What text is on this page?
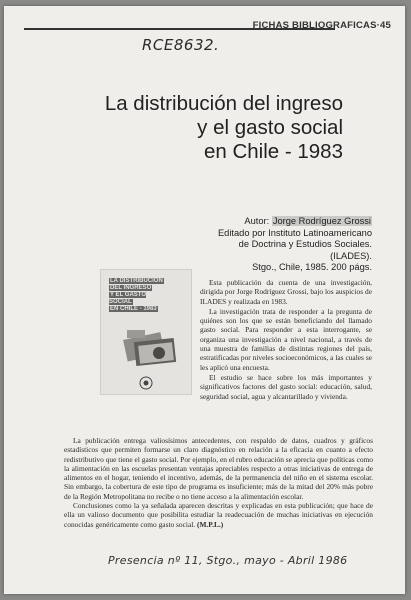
FICHAS BIBLIOGRAFICAS·45
RCE8632.
La distribución del ingreso
y el gasto social
en Chile - 1983
Autor: Jorge Rodríguez Grossi
Editado por Instituto Latinoamericano
de Doctrina y Estudios Sociales.
(ILADES).
Stgo., Chile, 1985. 200 págs.
LA DISTRIBUCION
DEL INGRESO
Y EL GASTO SOCIAL
EN CHILE - 1983

Esta publicación da cuenta de una investigación, dirigida por Jorge Rodríguez Grossi, bajo los auspicios de ILADES y realizada en 1983.

La investigación trata de responder a la pregunta de quiénes son los que se están beneficiando del llamado gasto social. Para responder a esta interrogante, se organiza una investigación a nivel nacional, a través de una muestra de familias de distintas regiones del país, estratificadas por niveles socioeconómicos, a las cuales se les aplicó una encuesta.

El estudio se hace sobre los más importantes y significativos factores del gasto social: educación, salud, seguridad social, agua y alcantarillado y vivienda.

La publicación entrega valiosísimos antecedentes, con respaldo de datos, cuadros y gráficos estadísticos que permiten formarse un claro diagnóstico en relación a la eficacia en cuanto a efecto redistributivo que tiene el gasto social. Por ejemplo, en el rubro educación se aprecia que políticas como la alimentación en las escuelas presentan ventajas apreciables respecto a otras iniciativas de entrega de alimentos en el hogar, teniendo el incentivo, además, de la permanencia del niño en el sistema escolar. Sin embargo, la cobertura de este tipo de programa es insuficiente; más de la mitad del 20% más pobre de la Región Metropolitana no recibe o no tiene acceso a la alimentación escolar.

Conclusiones como la ya señalada aparecen descritas y explicadas en esta publicación; que hace de ella un valioso documento que posibilita estudiar la readecuación de muchas iniciativas en ejecución conocidas genéricamente como gasto social. (M.P.L.)

Presencia nº 11, Stgo., mayo - Abril 1986
